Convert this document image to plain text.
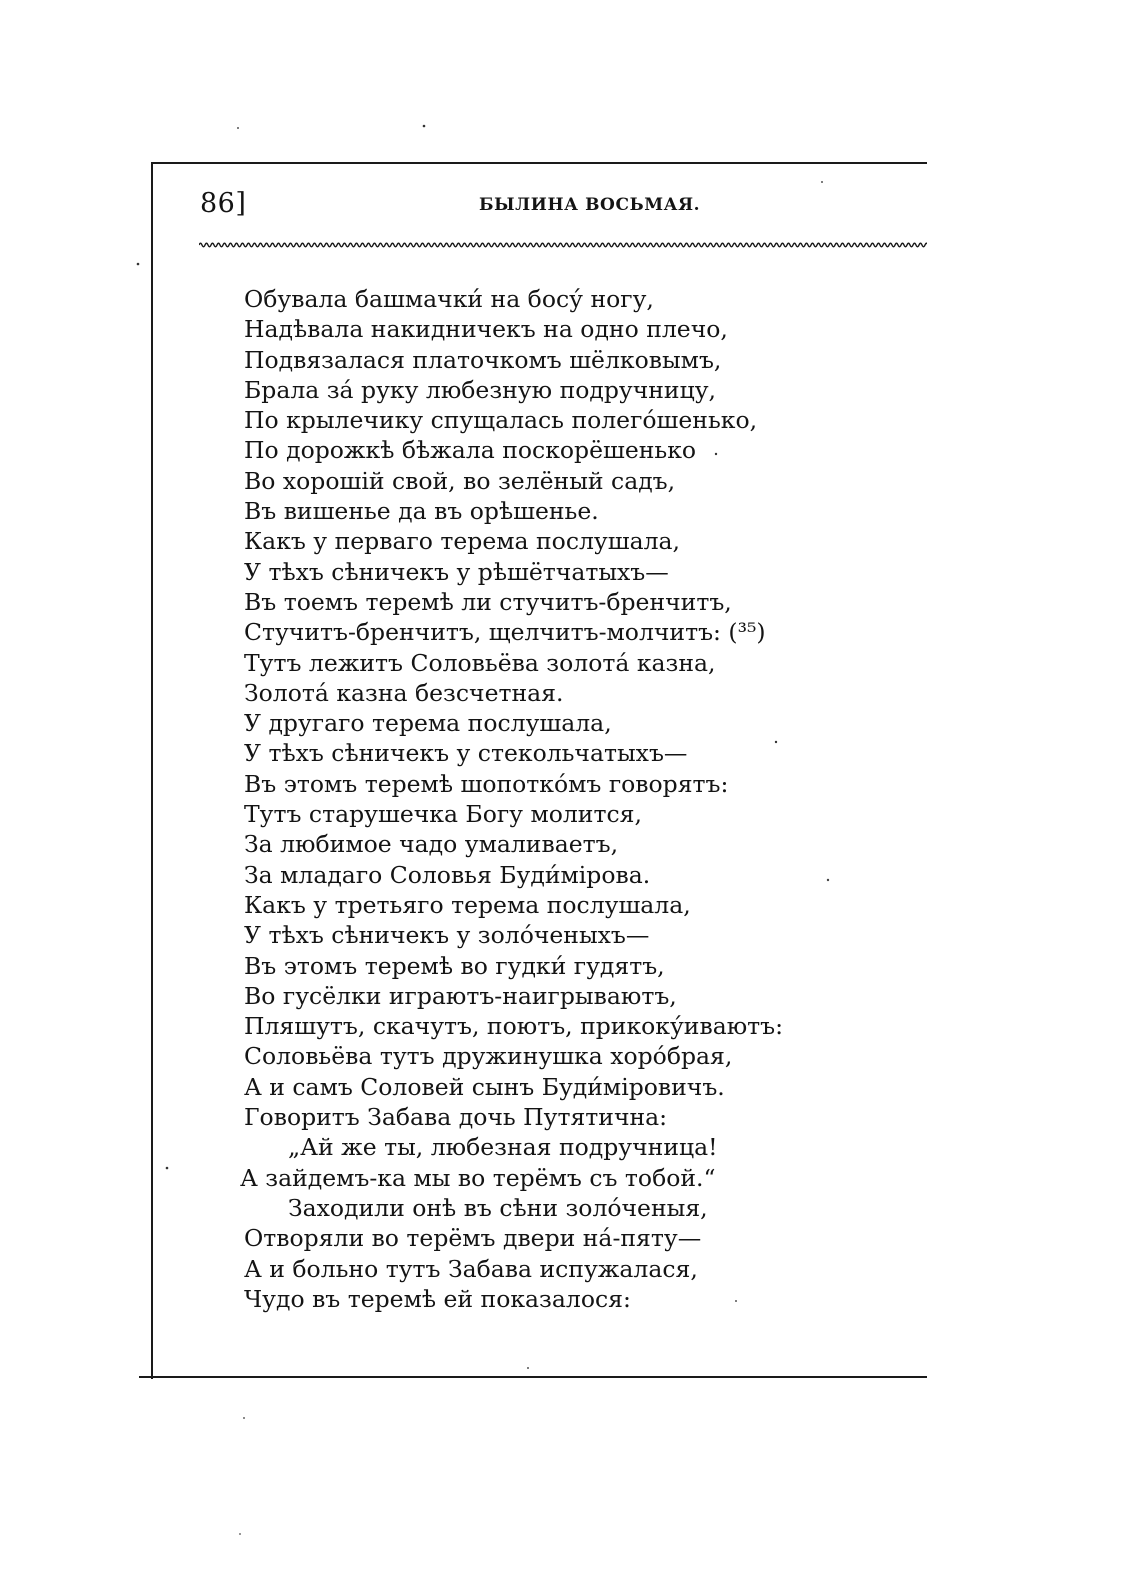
86]	БЫЛИНА ВОСЬМАЯ.
Обувала башмачки́ на босу́ ногу,
Надѣвала накидничекъ на одно плечо,
Подвязалася платочкомъ шёлковымъ,
Брала за́ руку любезную подручницу,
По крылечику спущалась полегóшенько,
По дорожкѣ бѣжала поскорёшенько
Во хорошій свой, во зелёный садъ,
Въ вишенье да въ орѣшенье.
Какъ у перваго терема послушала,
У тѣхъ сѣничекъ у рѣшётчатыхъ—
Въ тоемъ теремѣ ли стучитъ-бренчитъ,
Стучитъ-бренчитъ, щелчитъ-молчитъ: (³⁵)
Тутъ лежитъ Соловьёва золота́ казна,
Золота́ казна безсчетная.
У другаго терема послушала,
У тѣхъ сѣничекъ у стекольчатыхъ—
Въ этомъ теремѣ шопоткóмъ говорятъ:
Тутъ старушечка Богу молится,
За любимое чадо умаливаетъ,
За младаго Соловья Буди́мірова.
Какъ у третьяго терема послушала,
У тѣхъ сѣничекъ у золóченыхъ—
Въ этомъ теремѣ во гудки́ гудятъ,
Во гусёлки играютъ-наигрываютъ,
Пляшутъ, скачутъ, поютъ, прикоку́иваютъ:
Соловьёва тутъ дружинушка хорóбрая,
А и самъ Соловей сынъ Буди́міровичъ.
Говоритъ Забава дочь Путятична:
„Ай же ты, любезная подручница!
А зайдемъ-ка мы во терёмъ съ тобой.“
Заходили онѣ въ сѣни золóченыя,
Отворяли во терёмъ двери на́-пяту—
А и больно тутъ Забава испужалася,
Чудо въ теремѣ ей показалося:
